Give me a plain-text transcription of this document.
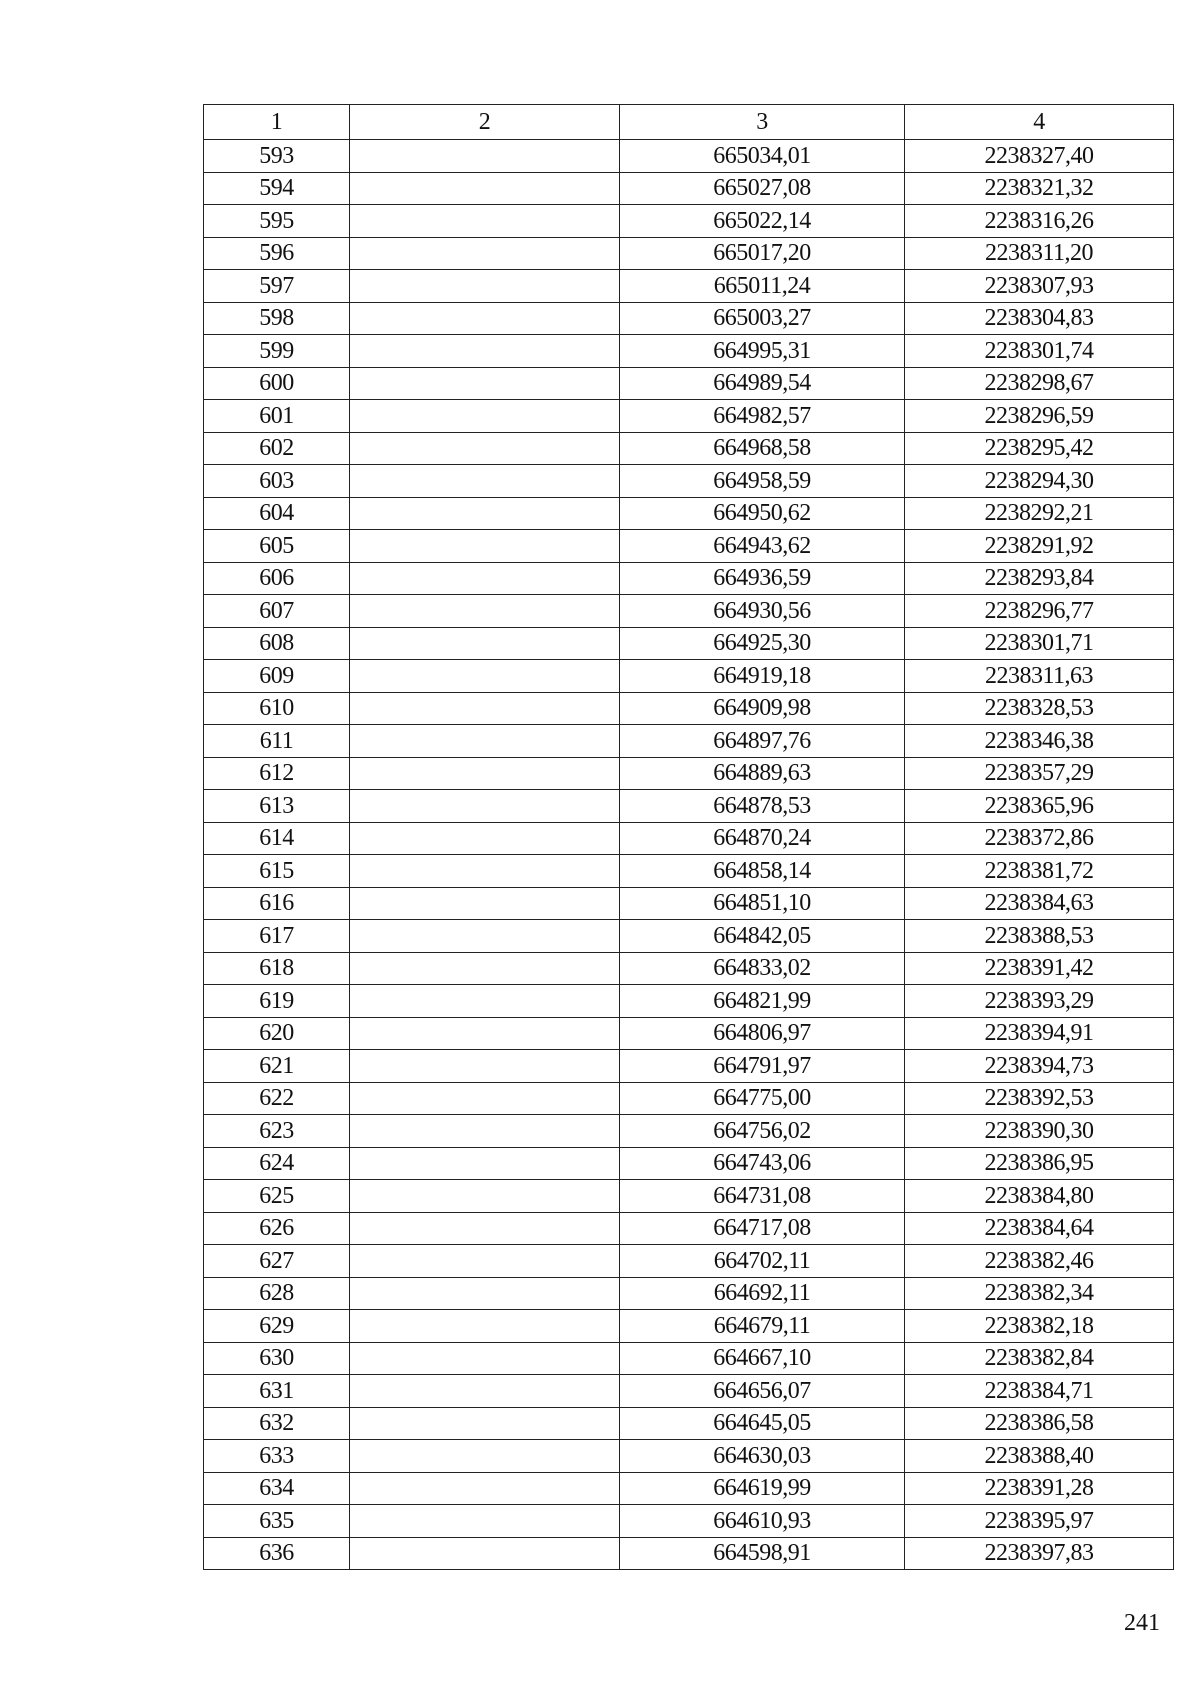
1	2	3	4
593		665034,01	2238327,40
594		665027,08	2238321,32
595		665022,14	2238316,26
596		665017,20	2238311,20
597		665011,24	2238307,93
598		665003,27	2238304,83
599		664995,31	2238301,74
600		664989,54	2238298,67
601		664982,57	2238296,59
602		664968,58	2238295,42
603		664958,59	2238294,30
604		664950,62	2238292,21
605		664943,62	2238291,92
606		664936,59	2238293,84
607		664930,56	2238296,77
608		664925,30	2238301,71
609		664919,18	2238311,63
610		664909,98	2238328,53
611		664897,76	2238346,38
612		664889,63	2238357,29
613		664878,53	2238365,96
614		664870,24	2238372,86
615		664858,14	2238381,72
616		664851,10	2238384,63
617		664842,05	2238388,53
618		664833,02	2238391,42
619		664821,99	2238393,29
620		664806,97	2238394,91
621		664791,97	2238394,73
622		664775,00	2238392,53
623		664756,02	2238390,30
624		664743,06	2238386,95
625		664731,08	2238384,80
626		664717,08	2238384,64
627		664702,11	2238382,46
628		664692,11	2238382,34
629		664679,11	2238382,18
630		664667,10	2238382,84
631		664656,07	2238384,71
632		664645,05	2238386,58
633		664630,03	2238388,40
634		664619,99	2238391,28
635		664610,93	2238395,97
636		664598,91	2238397,83
241
